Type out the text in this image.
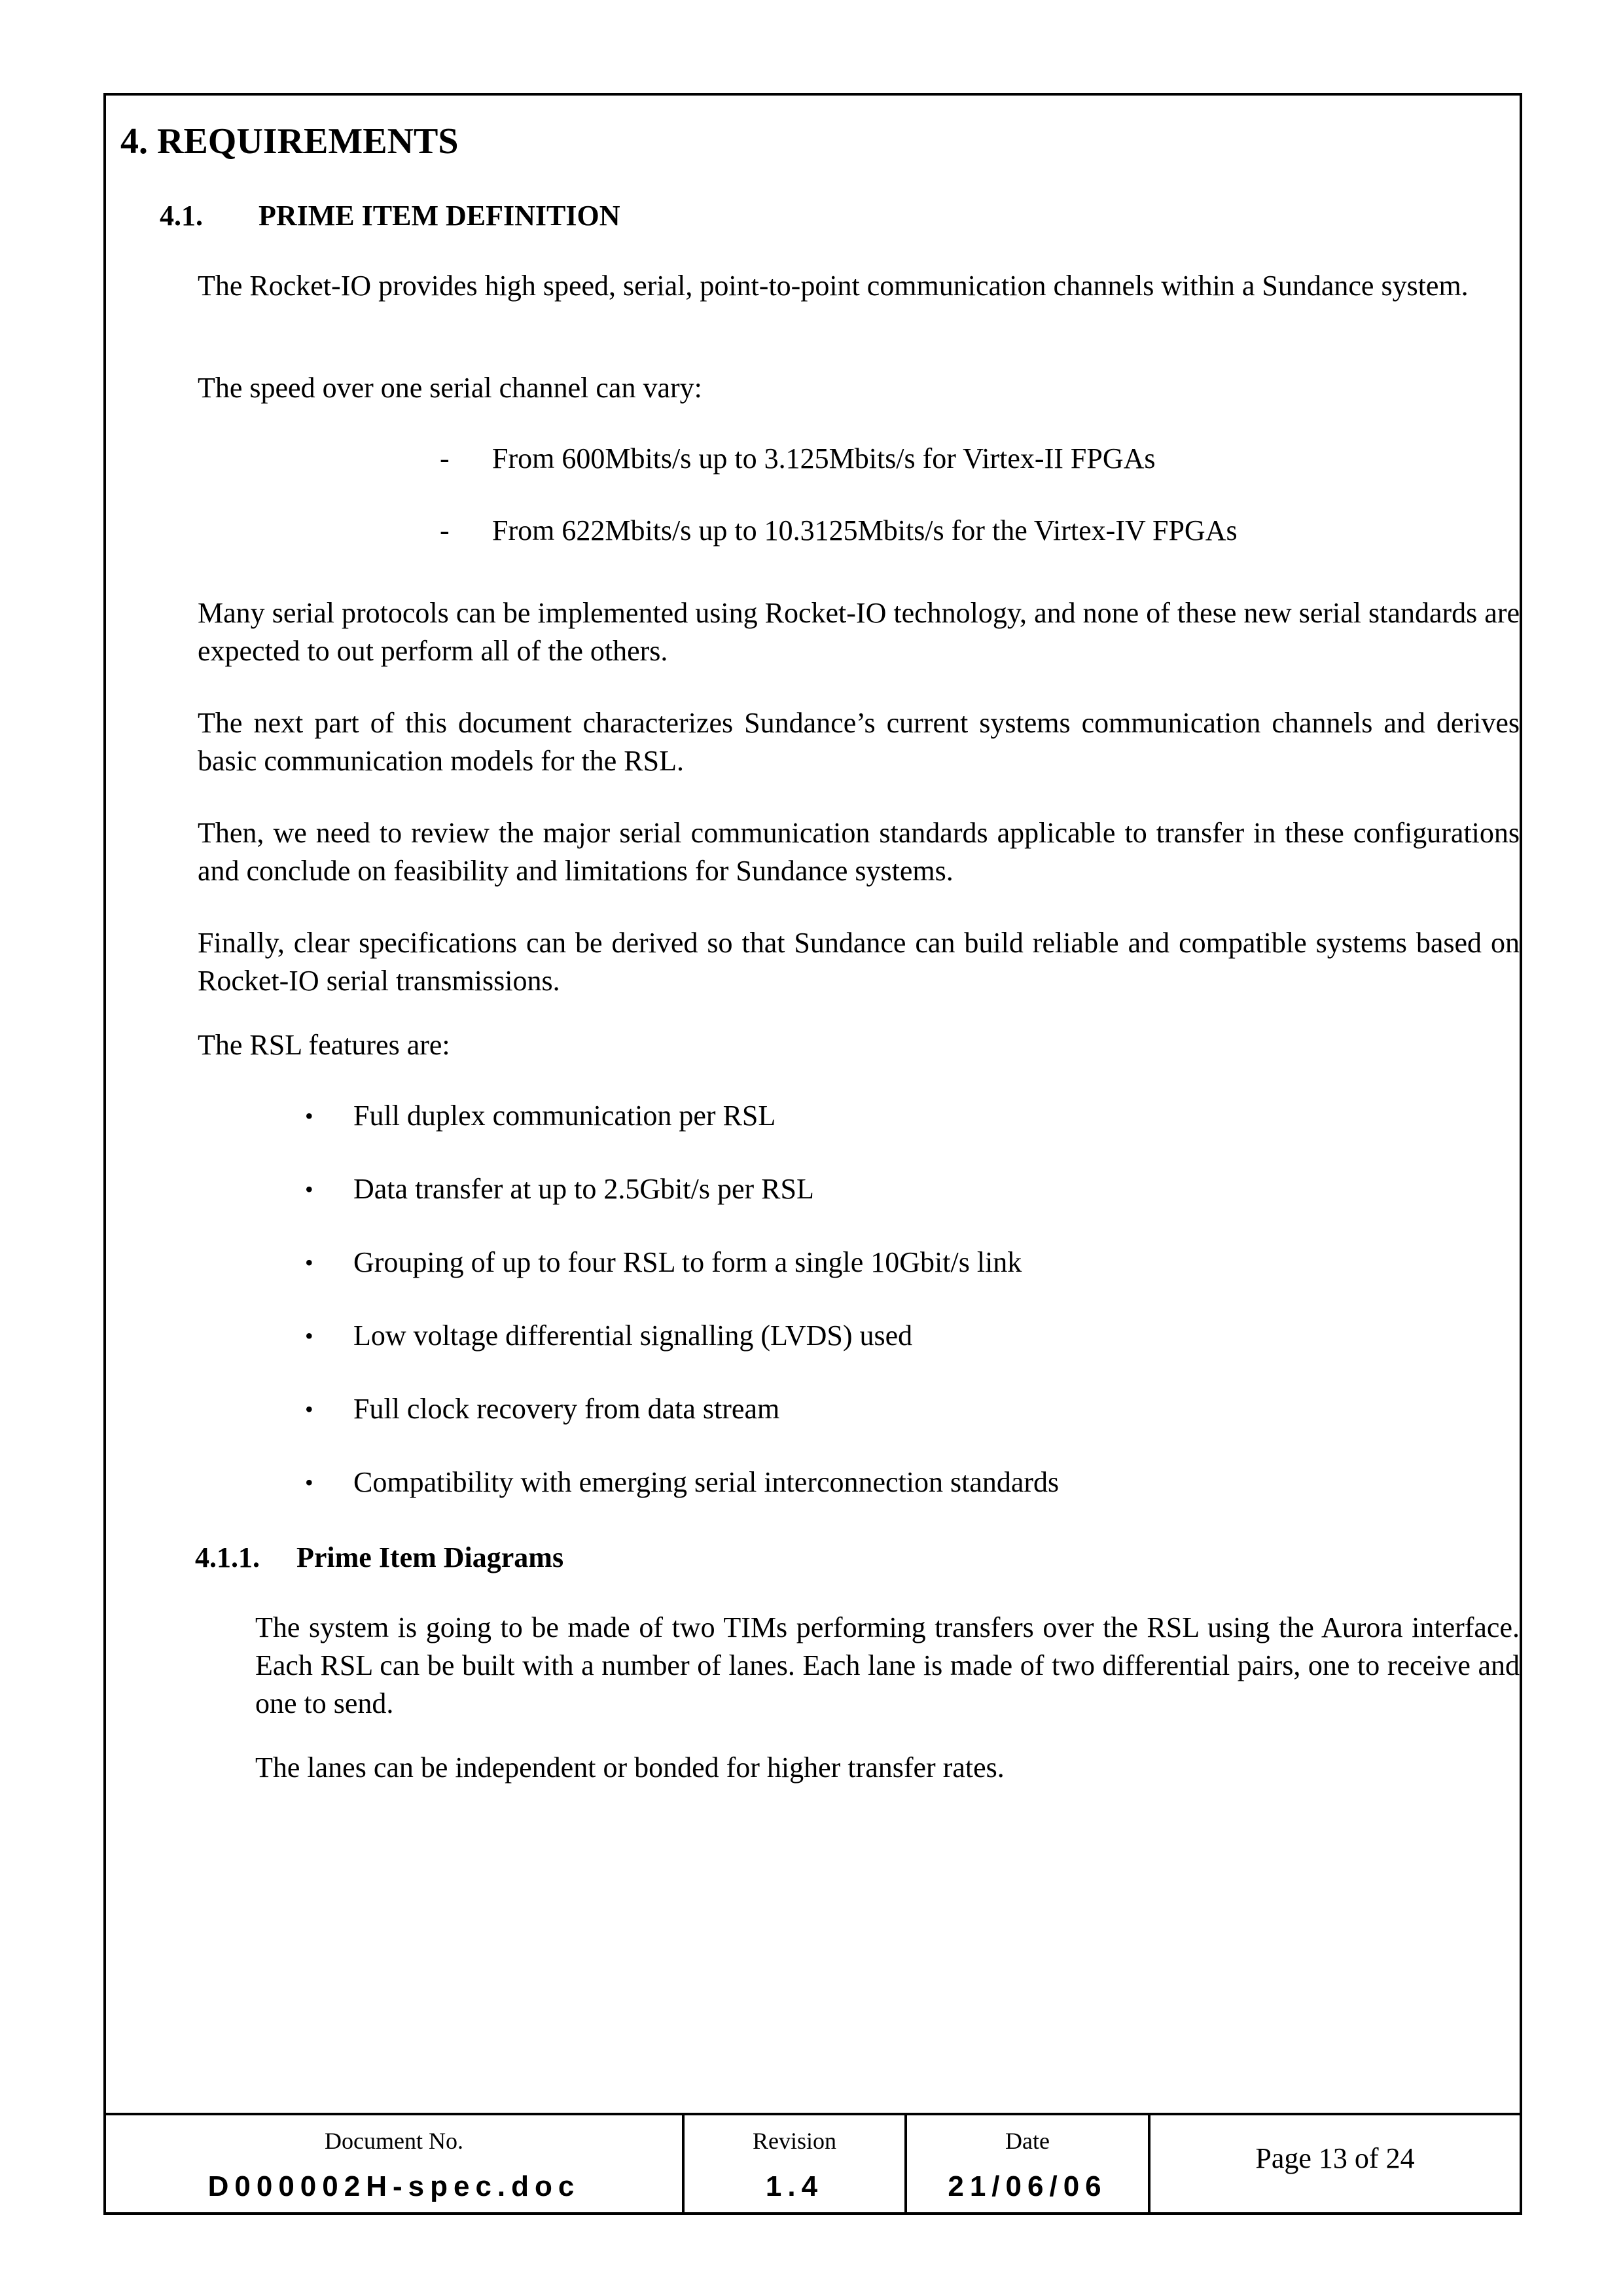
4. REQUIREMENTS
4.1. PRIME ITEM DEFINITION
The Rocket-IO provides high speed, serial, point-to-point communication channels within a Sundance system.
The speed over one serial channel can vary:
- From 600Mbits/s up to 3.125Mbits/s for Virtex-II FPGAs
- From 622Mbits/s up to 10.3125Mbits/s for the Virtex-IV FPGAs
Many serial protocols can be implemented using Rocket-IO technology, and none of these new serial standards are expected to out perform all of the others.
The next part of this document characterizes Sundance’s current systems communication channels and derives basic communication models for the RSL.
Then, we need to review the major serial communication standards applicable to transfer in these configurations and conclude on feasibility and limitations for Sundance systems.
Finally, clear specifications can be derived so that Sundance can build reliable and compatible systems based on Rocket-IO serial transmissions.
The RSL features are:
• Full duplex communication per RSL
• Data transfer at up to 2.5Gbit/s per RSL
• Grouping of up to four RSL to form a single 10Gbit/s link
• Low voltage differential signalling (LVDS) used
• Full clock recovery from data stream
• Compatibility with emerging serial interconnection standards
4.1.1. Prime Item Diagrams
The system is going to be made of two TIMs performing transfers over the RSL using the Aurora interface. Each RSL can be built with a number of lanes. Each lane is made of two differential pairs, one to receive and one to send.
The lanes can be independent or bonded for higher transfer rates.
Document No.
D000002H-spec.doc
Revision
1.4
Date
21/06/06
Page 13 of 24
